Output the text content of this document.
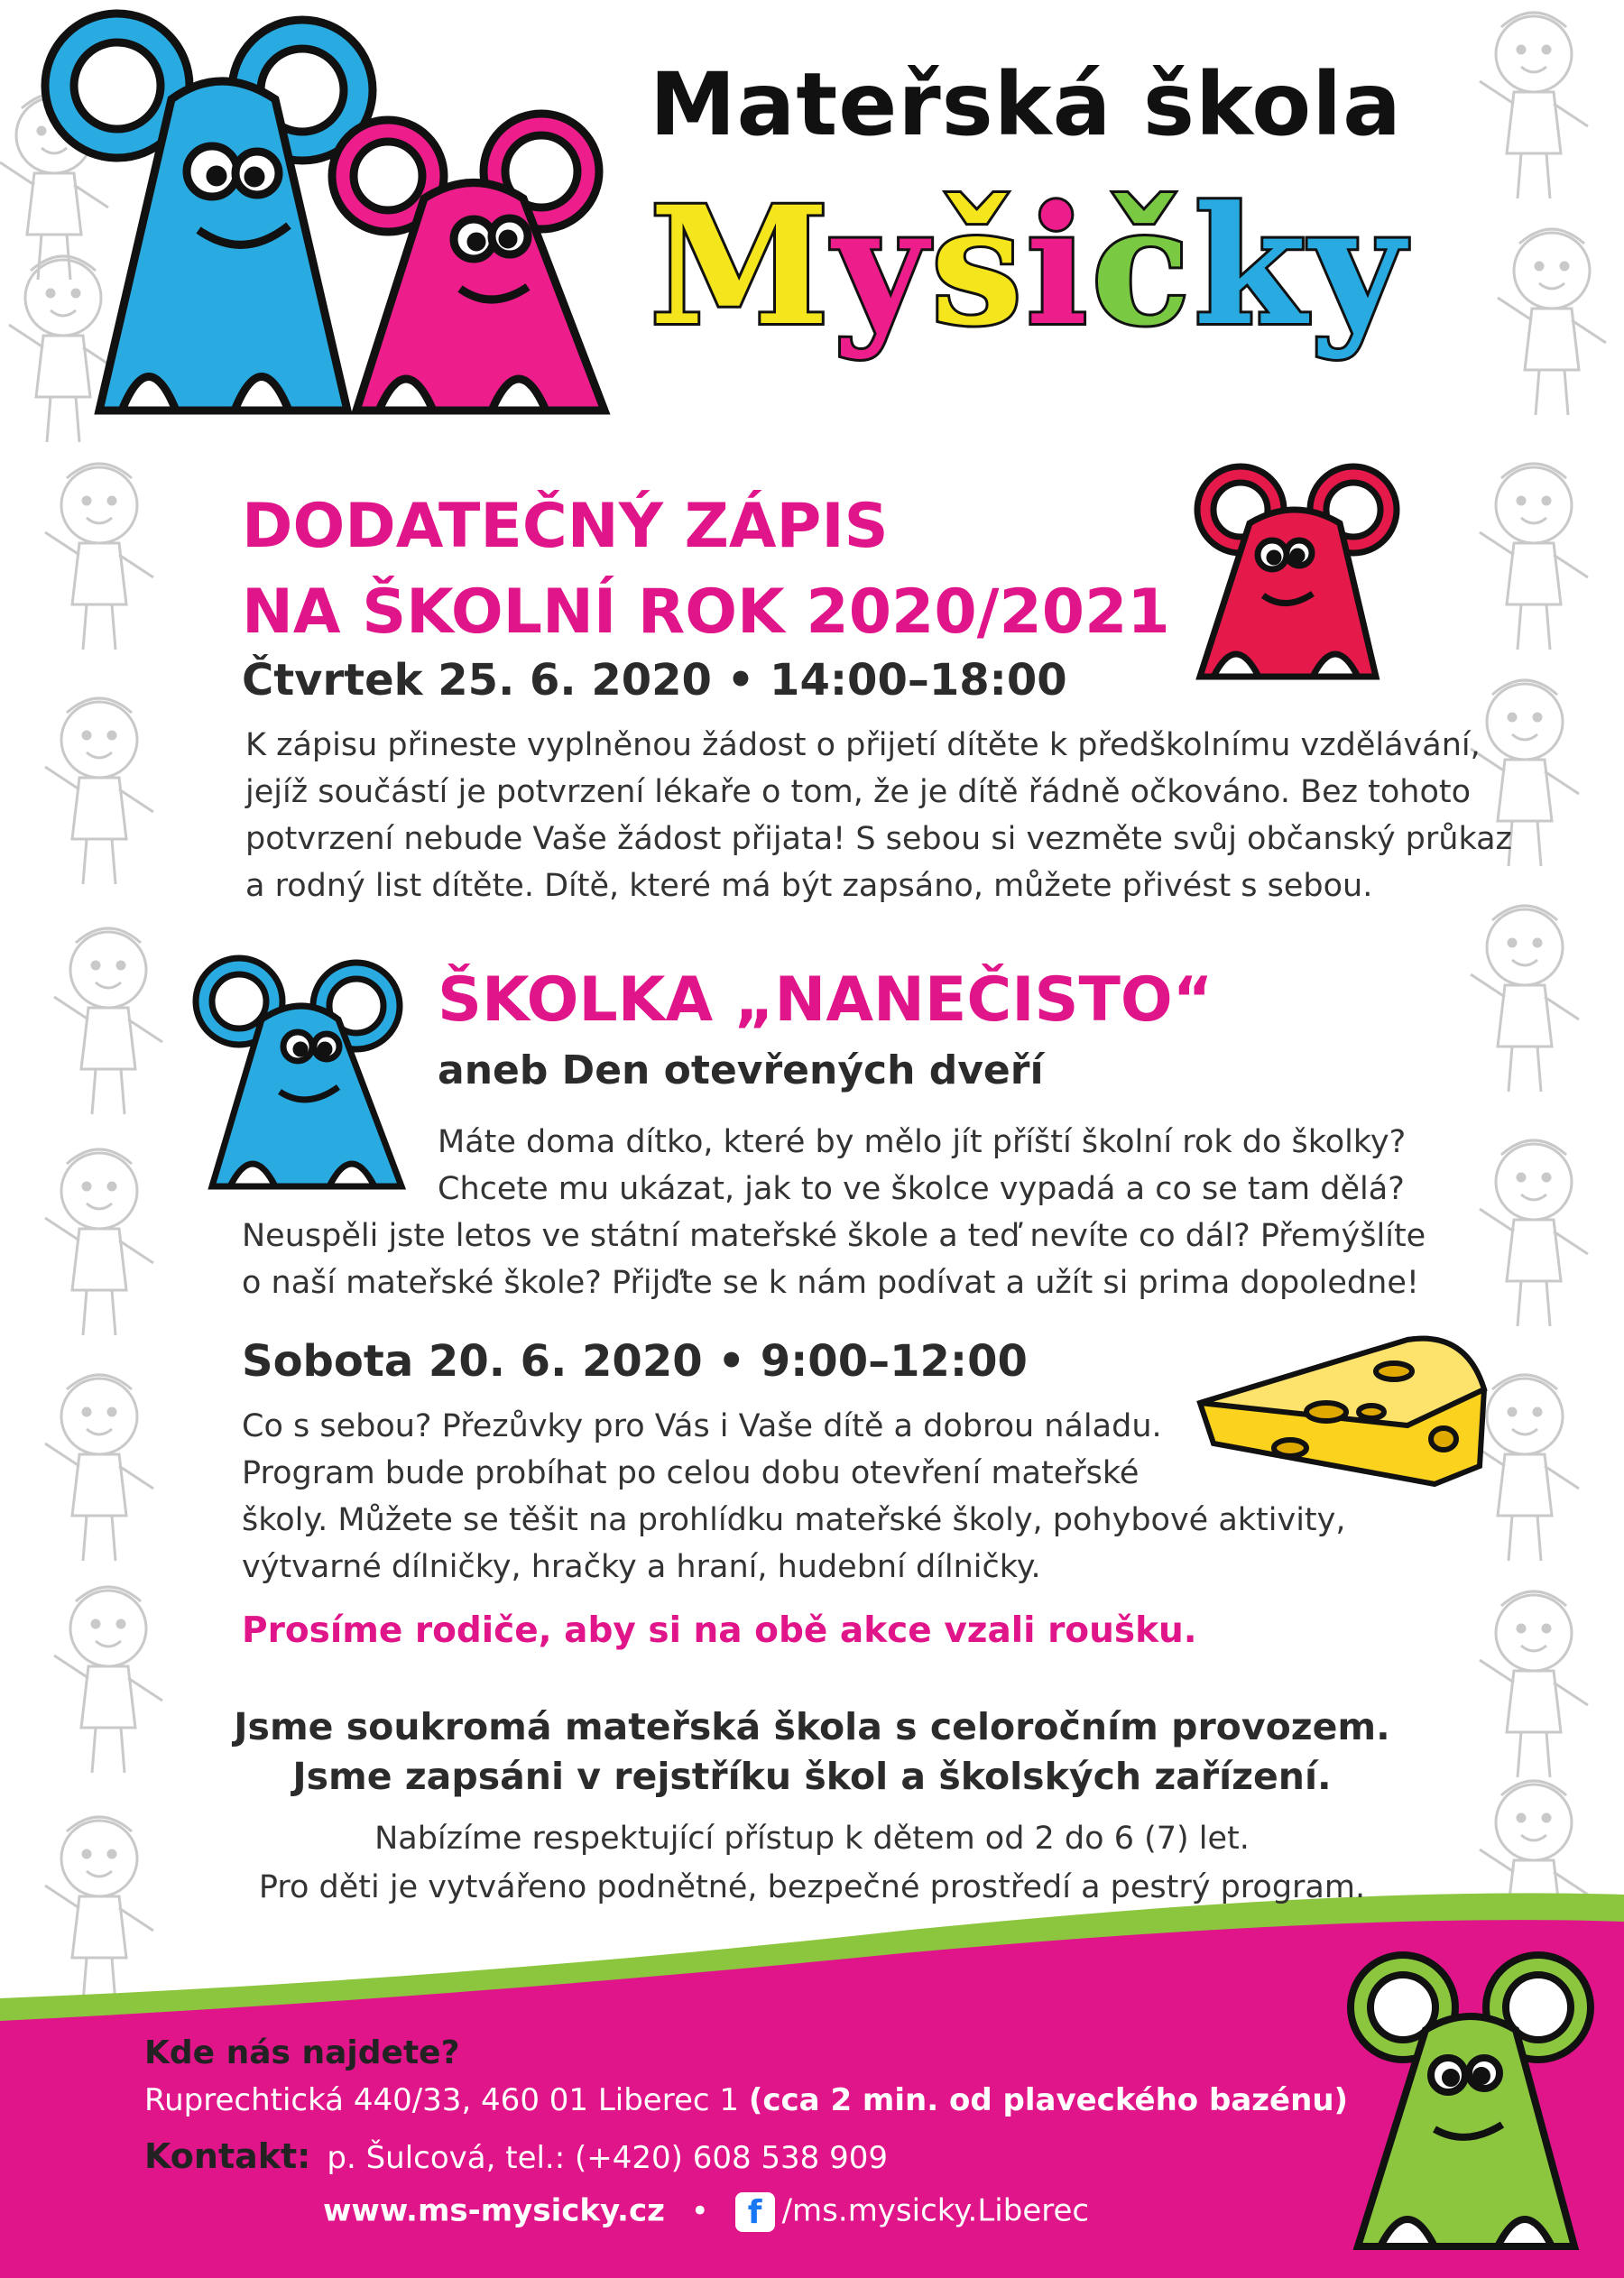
Mateřská škola
Myšičky
DODATEČNÝ ZÁPIS
NA ŠKOLNÍ ROK 2020/2021
Čtvrtek 25. 6. 2020 • 14:00–18:00
K zápisu přineste vyplněnou žádost o přijetí dítěte k předškolnímu vzdělávání,
jejíž součástí je potvrzení lékaře o tom, že je dítě řádně očkováno. Bez tohoto
potvrzení nebude Vaše žádost přijata! S sebou si vezměte svůj občanský průkaz
a rodný list dítěte. Dítě, které má být zapsáno, můžete přivést s sebou.
ŠKOLKA „NANEČISTO“
aneb Den otevřených dveří
Máte doma dítko, které by mělo jít příští školní rok do školky?
Chcete mu ukázat, jak to ve školce vypadá a co se tam dělá?
Neuspěli jste letos ve státní mateřské škole a teď nevíte co dál? Přemýšlíte
o naší mateřské škole? Přijďte se k nám podívat a užít si prima dopoledne!
Sobota 20. 6. 2020 • 9:00–12:00
Co s sebou? Přezůvky pro Vás i Vaše dítě a dobrou náladu.
Program bude probíhat po celou dobu otevření mateřské
školy. Můžete se těšit na prohlídku mateřské školy, pohybové aktivity,
výtvarné dílničky, hračky a hraní, hudební dílničky.
Prosíme rodiče, aby si na obě akce vzali roušku.
Jsme soukromá mateřská škola s celoročním provozem.
Jsme zapsáni v rejstříku škol a školských zařízení.
Nabízíme respektující přístup k dětem od 2 do 6 (7) let.
Pro děti je vytvářeno podnětné, bezpečné prostředí a pestrý program.
Kde nás najdete?
Ruprechtická 440/33, 460 01 Liberec 1 (cca 2 min. od plaveckého bazénu)
Kontakt: p. Šulcová, tel.: (+420) 608 538 909
www.ms-mysicky.cz • f /ms.mysicky.Liberec
